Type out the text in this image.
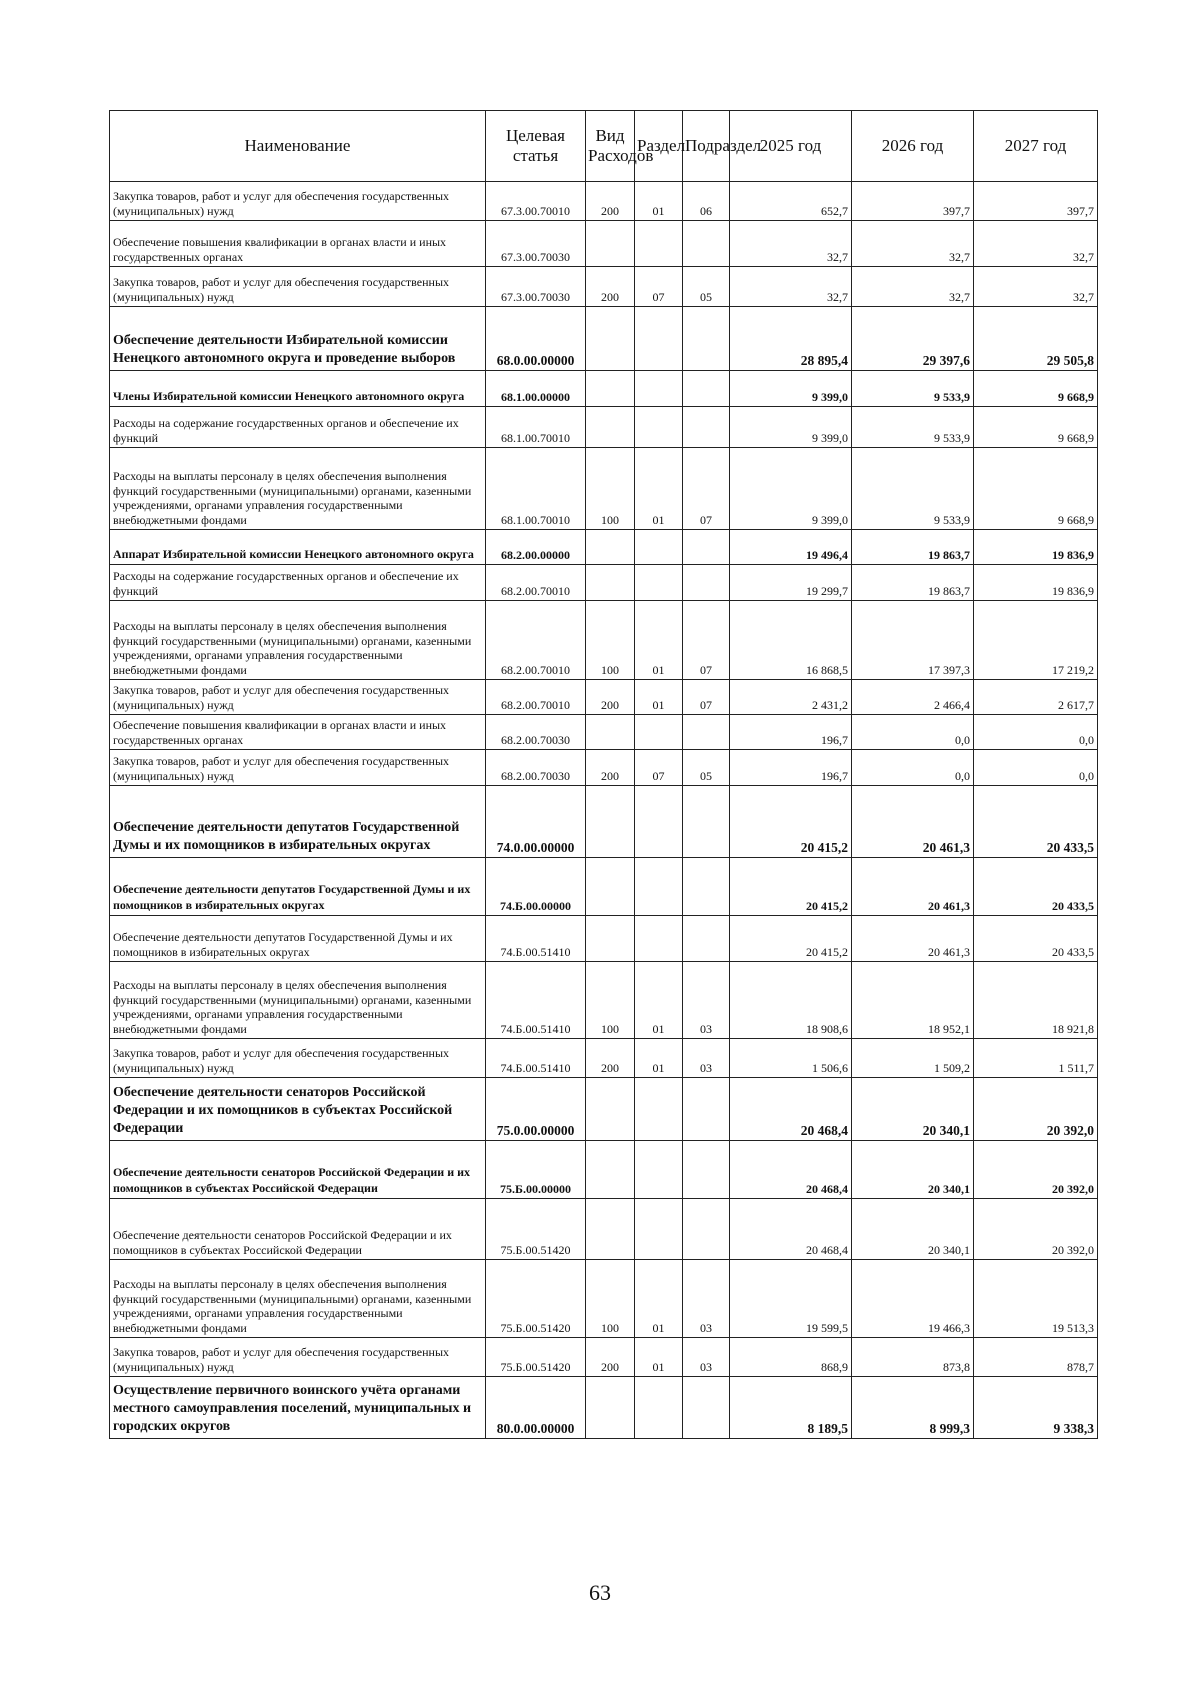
Наименование	Целевая статья	Вид Расходов	Раздел	Подраздел	2025 год	2026 год	2027 год
Закупка товаров, работ и услуг для обеспечения государственных (муниципальных) нужд	67.3.00.70010	200	01	06	652,7	397,7	397,7
Обеспечение повышения квалификации в органах власти и иных государственных органах	67.3.00.70030				32,7	32,7	32,7
Закупка товаров, работ и услуг для обеспечения государственных (муниципальных) нужд	67.3.00.70030	200	07	05	32,7	32,7	32,7
Обеспечение деятельности Избирательной комиссии Ненецкого автономного округа и проведение выборов	68.0.00.00000				28 895,4	29 397,6	29 505,8
Члены Избирательной комиссии Ненецкого автономного округа	68.1.00.00000				9 399,0	9 533,9	9 668,9
Расходы на содержание государственных органов и обеспечение их функций	68.1.00.70010				9 399,0	9 533,9	9 668,9
Расходы на выплаты персоналу в целях обеспечения выполнения функций государственными (муниципальными) органами, казенными учреждениями, органами управления государственными внебюджетными фондами	68.1.00.70010	100	01	07	9 399,0	9 533,9	9 668,9
Аппарат Избирательной комиссии Ненецкого автономного округа	68.2.00.00000				19 496,4	19 863,7	19 836,9
Расходы на содержание государственных органов и обеспечение их функций	68.2.00.70010				19 299,7	19 863,7	19 836,9
Расходы на выплаты персоналу в целях обеспечения выполнения функций государственными (муниципальными) органами, казенными учреждениями, органами управления государственными внебюджетными фондами	68.2.00.70010	100	01	07	16 868,5	17 397,3	17 219,2
Закупка товаров, работ и услуг для обеспечения государственных (муниципальных) нужд	68.2.00.70010	200	01	07	2 431,2	2 466,4	2 617,7
Обеспечение повышения квалификации в органах власти и иных государственных органах	68.2.00.70030				196,7	0,0	0,0
Закупка товаров, работ и услуг для обеспечения государственных (муниципальных) нужд	68.2.00.70030	200	07	05	196,7	0,0	0,0
Обеспечение деятельности депутатов Государственной Думы и их помощников в избирательных округах	74.0.00.00000				20 415,2	20 461,3	20 433,5
Обеспечение деятельности депутатов Государственной Думы и их помощников в избирательных округах	74.Б.00.00000				20 415,2	20 461,3	20 433,5
Обеспечение деятельности депутатов Государственной Думы и их помощников в избирательных округах	74.Б.00.51410				20 415,2	20 461,3	20 433,5
Расходы на выплаты персоналу в целях обеспечения выполнения функций государственными (муниципальными) органами, казенными учреждениями, органами управления государственными внебюджетными фондами	74.Б.00.51410	100	01	03	18 908,6	18 952,1	18 921,8
Закупка товаров, работ и услуг для обеспечения государственных (муниципальных) нужд	74.Б.00.51410	200	01	03	1 506,6	1 509,2	1 511,7
Обеспечение деятельности сенаторов Российской Федерации и их помощников в субъектах Российской Федерации	75.0.00.00000				20 468,4	20 340,1	20 392,0
Обеспечение деятельности сенаторов Российской Федерации и их помощников в субъектах Российской Федерации	75.Б.00.00000				20 468,4	20 340,1	20 392,0
Обеспечение деятельности сенаторов Российской Федерации и их помощников в субъектах Российской Федерации	75.Б.00.51420				20 468,4	20 340,1	20 392,0
Расходы на выплаты персоналу в целях обеспечения выполнения функций государственными (муниципальными) органами, казенными учреждениями, органами управления государственными внебюджетными фондами	75.Б.00.51420	100	01	03	19 599,5	19 466,3	19 513,3
Закупка товаров, работ и услуг для обеспечения государственных (муниципальных) нужд	75.Б.00.51420	200	01	03	868,9	873,8	878,7
Осуществление первичного воинского учёта органами местного самоуправления поселений, муниципальных и городских округов	80.0.00.00000				8 189,5	8 999,3	9 338,3
63
